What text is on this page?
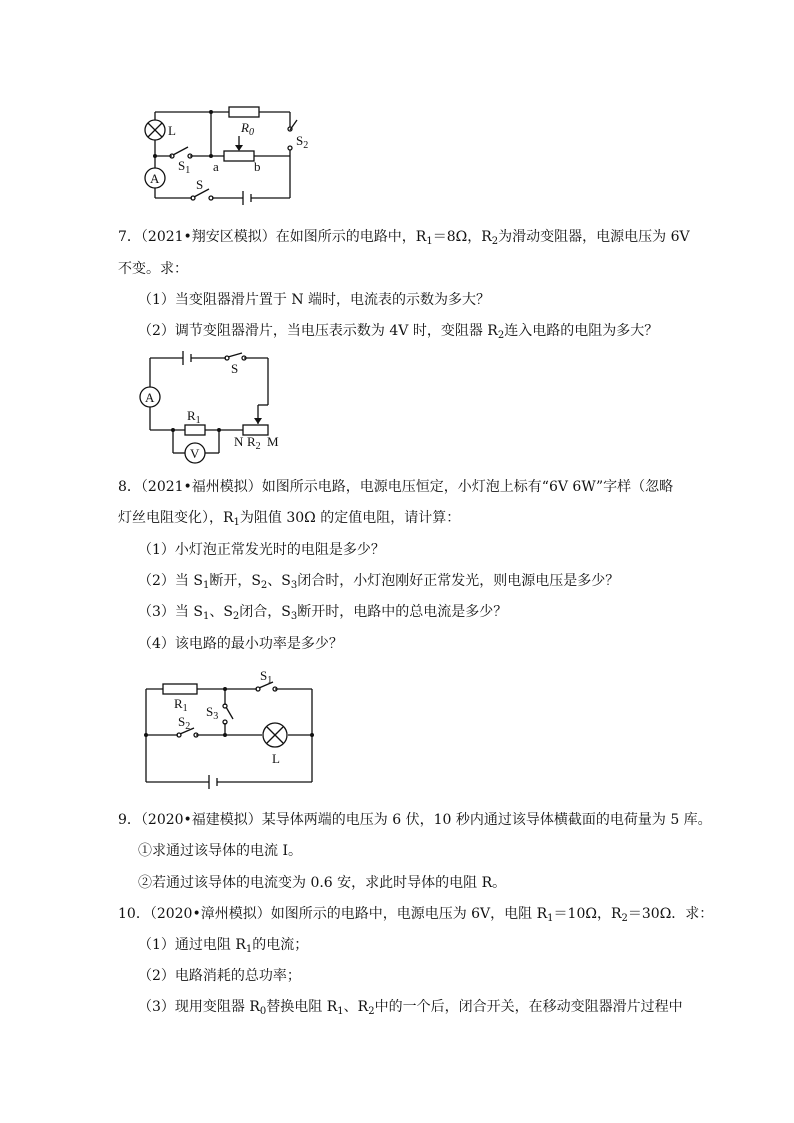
L	$R_0$
a	b
$S_1$
$S_2$
A	S
7．（2021•翔安区模拟）在如图所示的电路中，$R_1=8\Omega$，$R_2$为滑动变阻器，电源电压为 6V
不变。求：
（1）当变阻器滑片置于 N 端时，电流表的示数为多大？
（2）调节变阻器滑片，当电压表示数为 4V 时，变阻器 $R_2$连入电路的电阻为多大？
S
A
$R_1$
V
N $R_2$ M
8．（2021•福州模拟）如图所示电路，电源电压恒定，小灯泡上标有“6V 6W”字样（忽略
灯丝电阻变化），$R_1$为阻值 30Ω 的定值电阻，请计算：
（1）小灯泡正常发光时的电阻是多少？
（2）当 $S_1$断开，$S_2$、$S_3$闭合时，小灯泡刚好正常发光，则电源电压是多少？
（3）当 $S_1$、$S_2$闭合，$S_3$断开时，电路中的总电流是多少？
（4）该电路的最小功率是多少？
$R_1$
$S_1$
$S_3$
$S_2$
L
9．（2020•福建模拟）某导体两端的电压为 6 伏，10 秒内通过该导体横截面的电荷量为 5 库。
①求通过该导体的电流 I。
②若通过该导体的电流变为 0.6 安，求此时导体的电阻 R。
10．（2020•漳州模拟）如图所示的电路中，电源电压为 6V，电阻 $R_1=10\Omega$，$R_2=30\Omega$．求：
（1）通过电阻 $R_1$的电流；
（2）电路消耗的总功率；
（3）现用变阻器 $R_0$替换电阻 $R_1$、$R_2$中的一个后，闭合开关，在移动变阻器滑片过程中
